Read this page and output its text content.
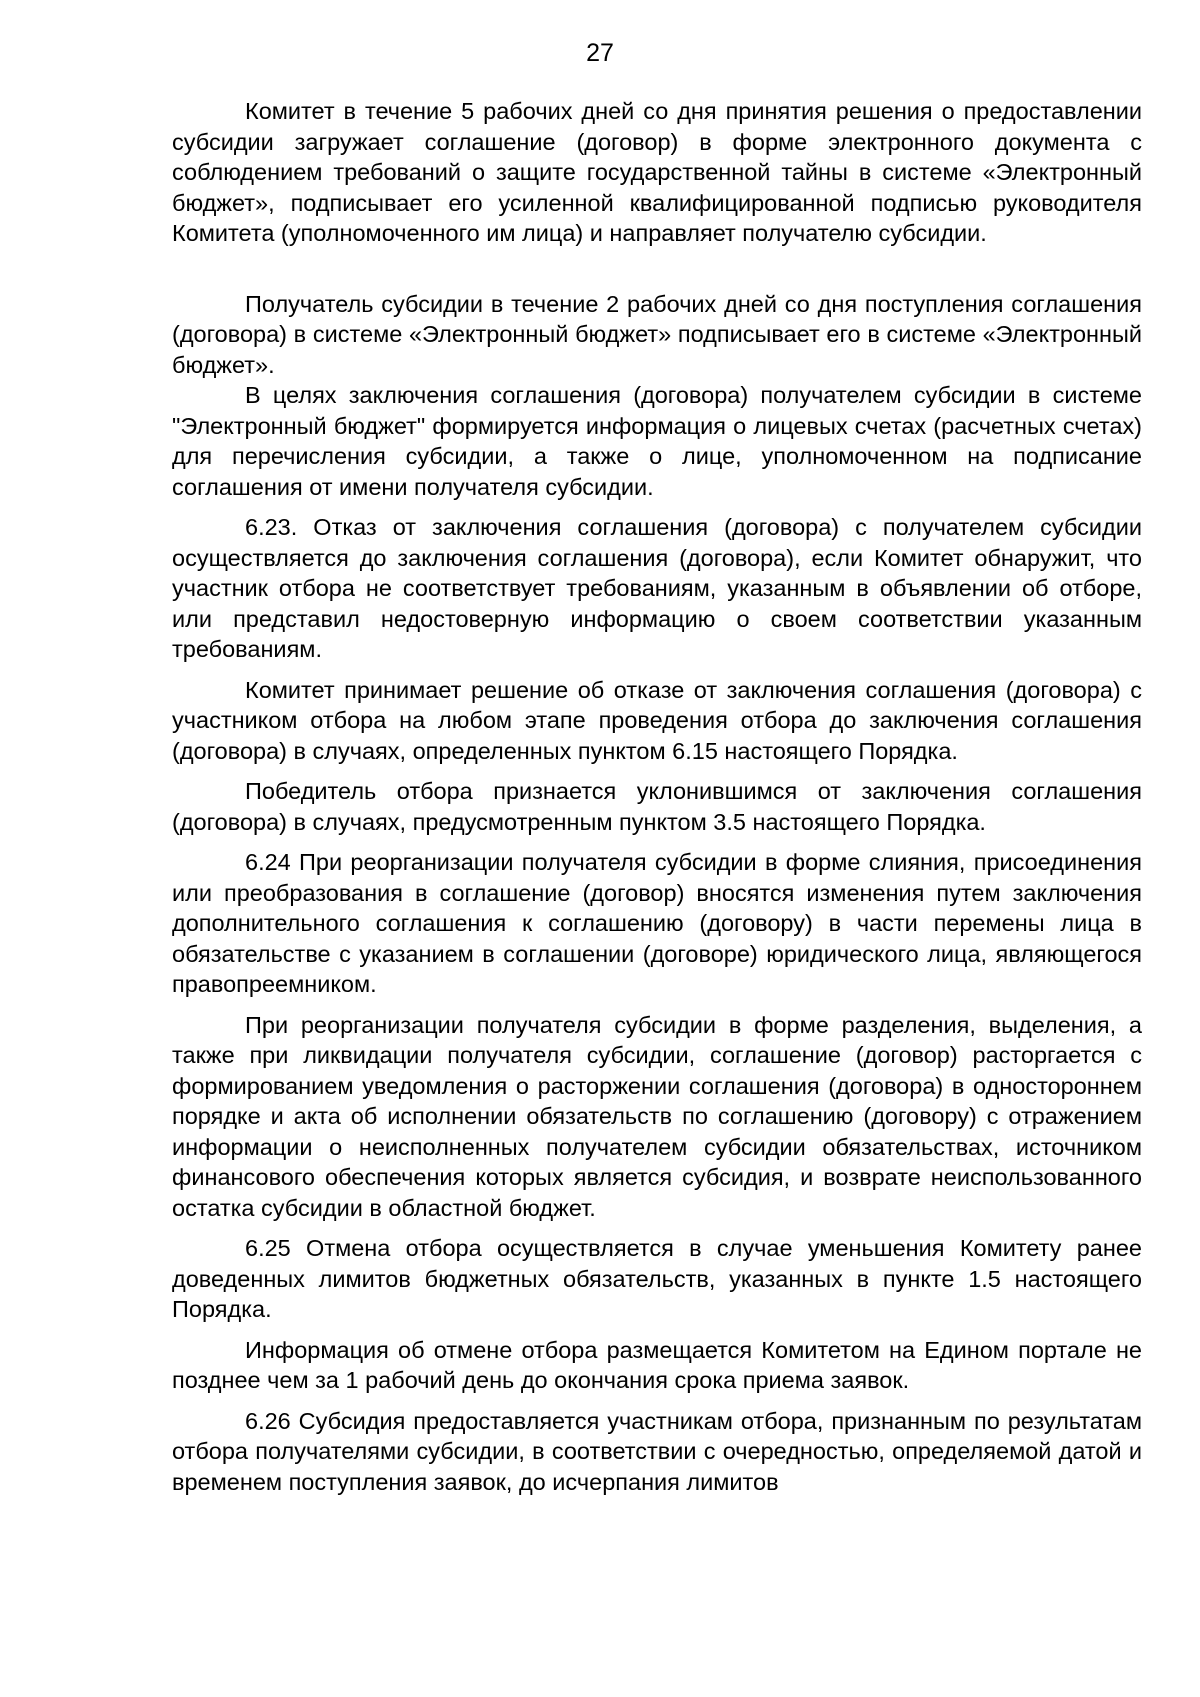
27

Комитет в течение 5 рабочих дней со дня принятия решения о предоставлении субсидии загружает соглашение (договор) в форме электронного документа с соблюдением требований о защите государственной тайны в системе «Электронный бюджет», подписывает его усиленной квалифицированной подписью руководителя Комитета (уполномоченного им лица) и направляет получателю субсидии.

Получатель субсидии в течение 2 рабочих дней со дня поступления соглашения (договора) в системе «Электронный бюджет» подписывает его в системе «Электронный бюджет».

В целях заключения соглашения (договора) получателем субсидии в системе "Электронный бюджет" формируется информация о лицевых счетах (расчетных счетах) для перечисления субсидии, а также о лице, уполномоченном на подписание соглашения от имени получателя субсидии.

6.23. Отказ от заключения соглашения (договора) с получателем субсидии осуществляется до заключения соглашения (договора), если Комитет обнаружит, что участник отбора не соответствует требованиям, указанным в объявлении об отборе, или представил недостоверную информацию о своем соответствии указанным требованиям.

Комитет принимает решение об отказе от заключения соглашения (договора) с участником отбора на любом этапе проведения отбора до заключения соглашения (договора) в случаях, определенных пунктом 6.15 настоящего Порядка.

Победитель отбора признается уклонившимся от заключения соглашения (договора) в случаях, предусмотренным пунктом 3.5 настоящего Порядка.

6.24 При реорганизации получателя субсидии в форме слияния, присоединения или преобразования в соглашение (договор) вносятся изменения путем заключения дополнительного соглашения к соглашению (договору) в части перемены лица в обязательстве с указанием в соглашении (договоре) юридического лица, являющегося правопреемником.

При реорганизации получателя субсидии в форме разделения, выделения, а также при ликвидации получателя субсидии, соглашение (договор) расторгается с формированием уведомления о расторжении соглашения (договора) в одностороннем порядке и акта об исполнении обязательств по соглашению (договору) с отражением информации о неисполненных получателем субсидии обязательствах, источником финансового обеспечения которых является субсидия, и возврате неиспользованного остатка субсидии в областной бюджет.

6.25 Отмена отбора осуществляется в случае уменьшения Комитету ранее доведенных лимитов бюджетных обязательств, указанных в пункте 1.5 настоящего Порядка.

Информация об отмене отбора размещается Комитетом на Едином портале не позднее чем за 1 рабочий день до окончания срока приема заявок.

6.26 Субсидия предоставляется участникам отбора, признанным по результатам отбора получателями субсидии, в соответствии с очередностью, определяемой датой и временем поступления заявок, до исчерпания лимитов
